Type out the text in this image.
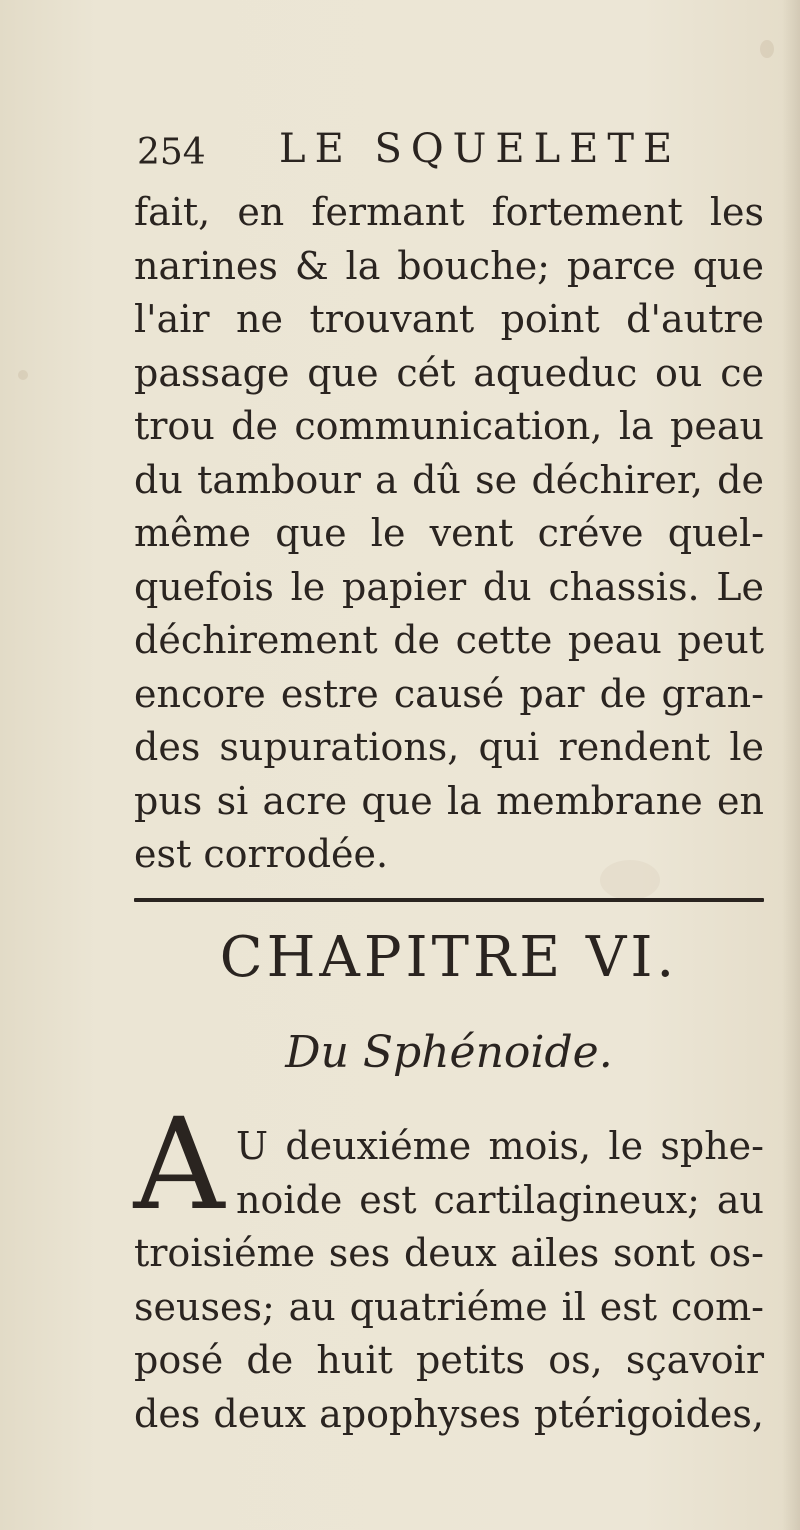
254 LE SQUELETE
fait, en fermant fortement les
narines & la bouche; parce que
l'air ne trouvant point d'autre
passage que cét aqueduc ou ce
trou de communication, la peau
du tambour a dû se déchirer, de
même que le vent créve quel-
quefois le papier du chassis. Le
déchirement de cette peau peut
encore estre causé par de gran-
des supurations, qui rendent le
pus si acre que la membrane en
est corrodée.
CHAPITRE VI.
Du Sphénoide.
A U deuxiéme mois, le sphe-
noide est cartilagineux; au
troisiéme ses deux ailes sont os-
seuses; au quatriéme il est com-
posé de huit petits os, sçavoir
des deux apophyses ptérigoides,
